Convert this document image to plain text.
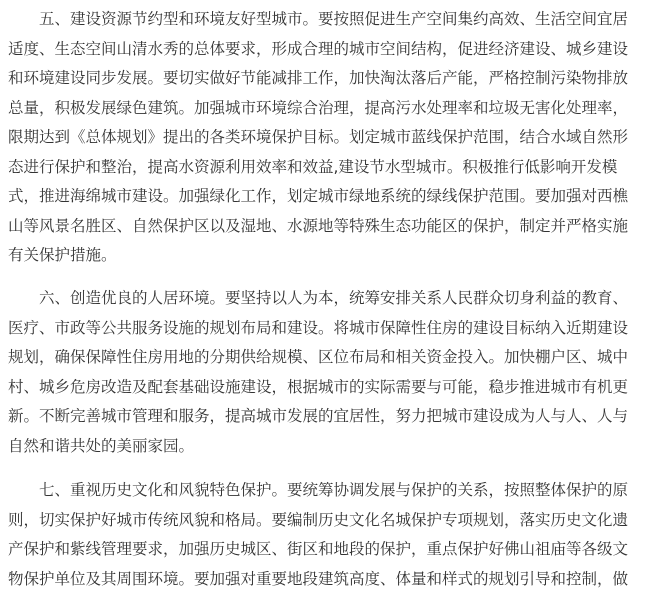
　　五、建设资源节约型和环境友好型城市。要按照促进生产空间集约高效、生活空间宜居
适度、生态空间山清水秀的总体要求，形成合理的城市空间结构，促进经济建设、城乡建设
和环境建设同步发展。要切实做好节能减排工作，加快淘汰落后产能，严格控制污染物排放
总量，积极发展绿色建筑。加强城市环境综合治理，提高污水处理率和垃圾无害化处理率，
限期达到《总体规划》提出的各类环境保护目标。划定城市蓝线保护范围，结合水域自然形
态进行保护和整治，提高水资源利用效率和效益,建设节水型城市。积极推行低影响开发模
式，推进海绵城市建设。加强绿化工作，划定城市绿地系统的绿线保护范围。要加强对西樵
山等风景名胜区、自然保护区以及湿地、水源地等特殊生态功能区的保护，制定并严格实施
有关保护措施。
　　六、创造优良的人居环境。要坚持以人为本，统筹安排关系人民群众切身利益的教育、
医疗、市政等公共服务设施的规划布局和建设。将城市保障性住房的建设目标纳入近期建设
规划，确保保障性住房用地的分期供给规模、区位布局和相关资金投入。加快棚户区、城中
村、城乡危房改造及配套基础设施建设，根据城市的实际需要与可能，稳步推进城市有机更
新。不断完善城市管理和服务，提高城市发展的宜居性，努力把城市建设成为人与人、人与
自然和谐共处的美丽家园。
　　七、重视历史文化和风貌特色保护。要统筹协调发展与保护的关系，按照整体保护的原
则，切实保护好城市传统风貌和格局。要编制历史文化名城保护专项规划，落实历史文化遗
产保护和紫线管理要求，加强历史城区、街区和地段的保护，重点保护好佛山祖庙等各级文
物保护单位及其周围环境。要加强对重要地段建筑高度、体量和样式的规划引导和控制，做
